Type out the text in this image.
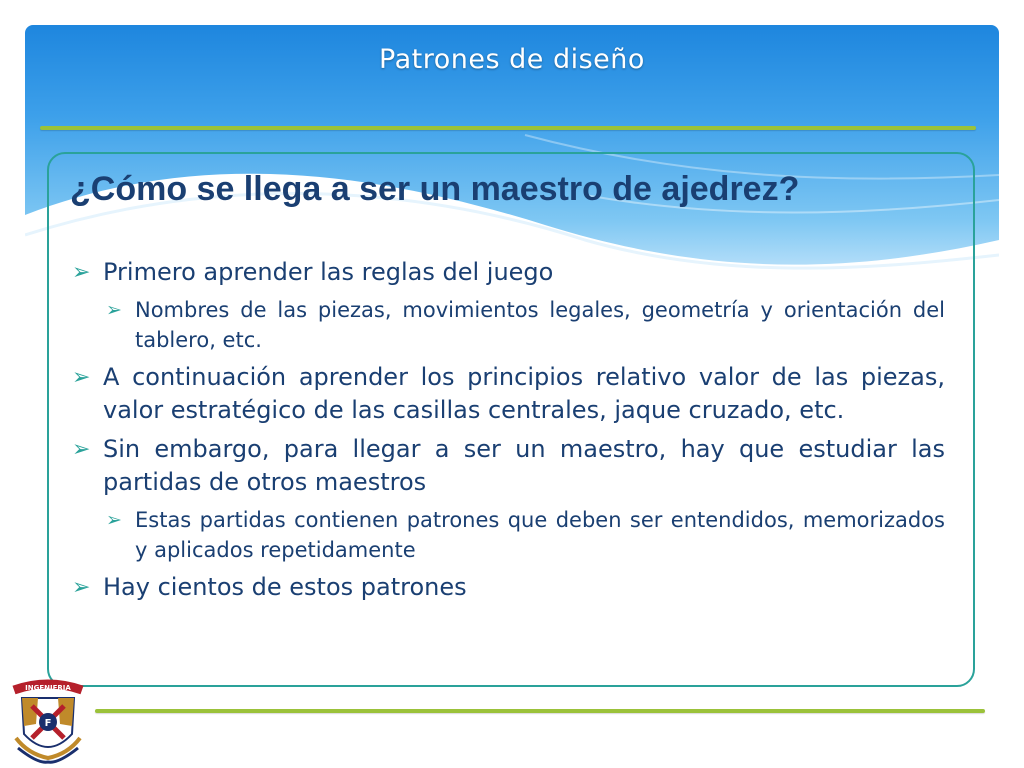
Patrones de diseño
¿Cómo se llega a ser un maestro de ajedrez?
➢ Primero aprender las reglas del juego
➢ Nombres de las piezas, movimientos legales, geometría y orientación del tablero, etc.
➢ A continuación aprender los principios relativo valor de las piezas, valor estratégico de las casillas centrales, jaque cruzado, etc.
➢ Sin embargo, para llegar a ser un maestro, hay que estudiar las partidas de otros maestros
➢ Estas partidas contienen patrones que deben ser entendidos, memorizados y aplicados repetidamente
➢ Hay cientos de estos patrones
INGENIERIA
F
